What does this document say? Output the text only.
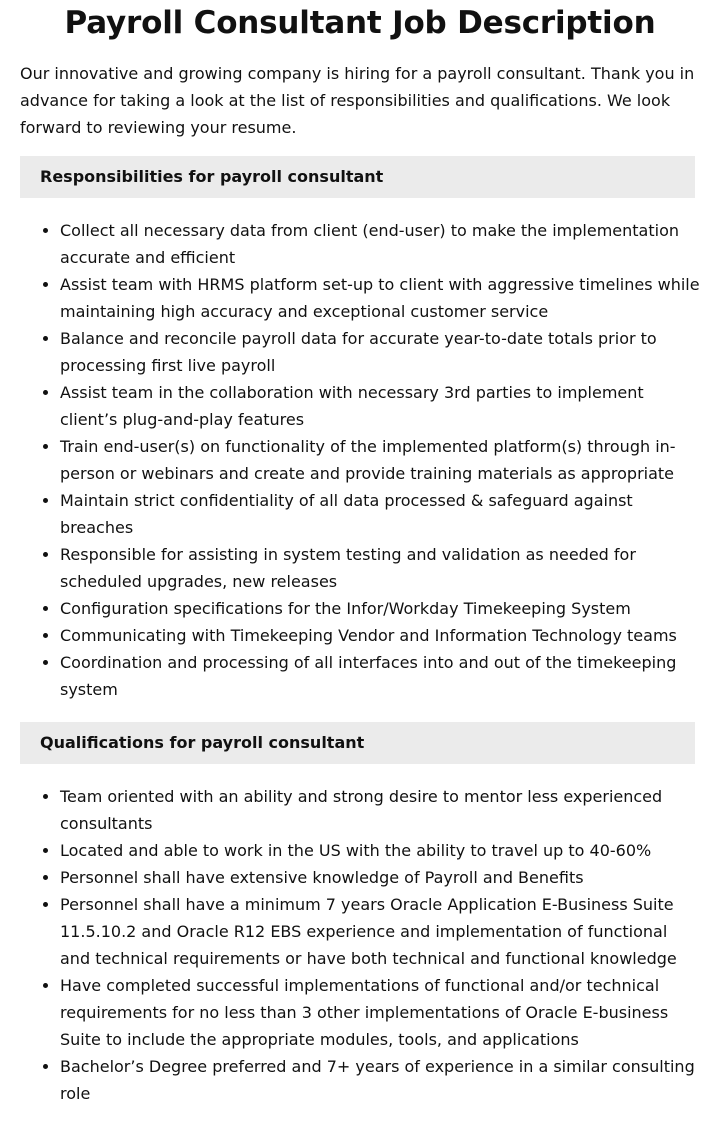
Payroll Consultant Job Description

Our innovative and growing company is hiring for a payroll consultant. Thank you in advance for taking a look at the list of responsibilities and qualifications. We look forward to reviewing your resume.

Responsibilities for payroll consultant
• Collect all necessary data from client (end-user) to make the implementation accurate and efficient
• Assist team with HRMS platform set-up to client with aggressive timelines while maintaining high accuracy and exceptional customer service
• Balance and reconcile payroll data for accurate year-to-date totals prior to processing first live payroll
• Assist team in the collaboration with necessary 3rd parties to implement client’s plug-and-play features
• Train end-user(s) on functionality of the implemented platform(s) through in-person or webinars and create and provide training materials as appropriate
• Maintain strict confidentiality of all data processed & safeguard against breaches
• Responsible for assisting in system testing and validation as needed for scheduled upgrades, new releases
• Configuration specifications for the Infor/Workday Timekeeping System
• Communicating with Timekeeping Vendor and Information Technology teams
• Coordination and processing of all interfaces into and out of the timekeeping system
Qualifications for payroll consultant
• Team oriented with an ability and strong desire to mentor less experienced consultants
• Located and able to work in the US with the ability to travel up to 40-60%
• Personnel shall have extensive knowledge of Payroll and Benefits
• Personnel shall have a minimum 7 years Oracle Application E-Business Suite 11.5.10.2 and Oracle R12 EBS experience and implementation of functional and technical requirements or have both technical and functional knowledge
• Have completed successful implementations of functional and/or technical requirements for no less than 3 other implementations of Oracle E-business Suite to include the appropriate modules, tools, and applications
• Bachelor’s Degree preferred and 7+ years of experience in a similar consulting role
